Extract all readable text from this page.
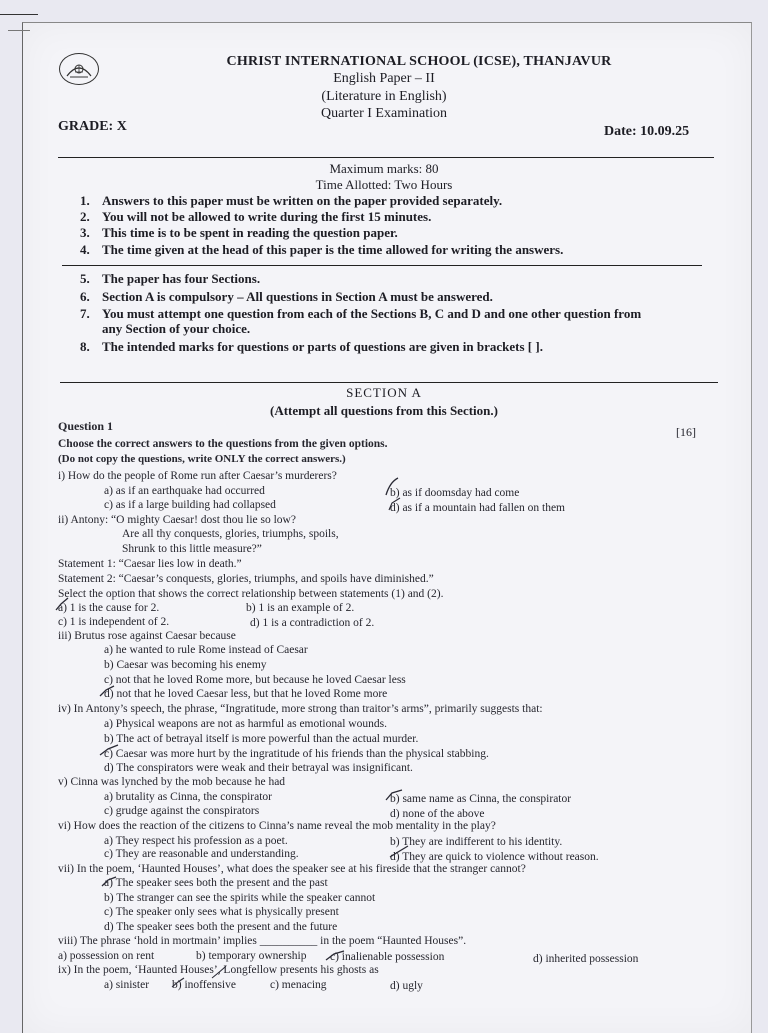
CHRIST INTERNATIONAL SCHOOL (ICSE), THANJAVUR
English Paper – II
(Literature in English)
Quarter I Examination
GRADE: X	Date: 10.09.25
Maximum marks: 80
Time Allotted: Two Hours
1. Answers to this paper must be written on the paper provided separately.
2. You will not be allowed to write during the first 15 minutes.
3. This time is to be spent in reading the question paper.
4. The time given at the head of this paper is the time allowed for writing the answers.
5. The paper has four Sections.
6. Section A is compulsory – All questions in Section A must be answered.
7. You must attempt one question from each of the Sections B, C and D and one other question from
any Section of your choice.
8. The intended marks for questions or parts of questions are given in brackets [ ].
SECTION A
(Attempt all questions from this Section.)
Question 1	[16]
Choose the correct answers to the questions from the given options.
(Do not copy the questions, write ONLY the correct answers.)
i) How do the people of Rome run after Caesar’s murderers?
a) as if an earthquake had occurred	b) as if doomsday had come
c) as if a large building had collapsed	d) as if a mountain had fallen on them
ii) Antony: “O mighty Caesar! dost thou lie so low?
Are all thy conquests, glories, triumphs, spoils,
Shrunk to this little measure?”
Statement 1: “Caesar lies low in death.”
Statement 2: “Caesar’s conquests, glories, triumphs, and spoils have diminished.”
Select the option that shows the correct relationship between statements (1) and (2).
a) 1 is the cause for 2.	b) 1 is an example of 2.
c) 1 is independent of 2.	d) 1 is a contradiction of 2.
iii) Brutus rose against Caesar because
a) he wanted to rule Rome instead of Caesar
b) Caesar was becoming his enemy
c) not that he loved Rome more, but because he loved Caesar less
d) not that he loved Caesar less, but that he loved Rome more
iv) In Antony’s speech, the phrase, “Ingratitude, more strong than traitor’s arms”, primarily suggests that:
a) Physical weapons are not as harmful as emotional wounds.
b) The act of betrayal itself is more powerful than the actual murder.
c) Caesar was more hurt by the ingratitude of his friends than the physical stabbing.
d) The conspirators were weak and their betrayal was insignificant.
v) Cinna was lynched by the mob because he had
a) brutality as Cinna, the conspirator	b) same name as Cinna, the conspirator
c) grudge against the conspirators	d) none of the above
vi) How does the reaction of the citizens to Cinna’s name reveal the mob mentality in the play?
a) They respect his profession as a poet.	b) They are indifferent to his identity.
c) They are reasonable and understanding.	d) They are quick to violence without reason.
vii) In the poem, ‘Haunted Houses’, what does the speaker see at his fireside that the stranger cannot?
a) The speaker sees both the present and the past
b) The stranger can see the spirits while the speaker cannot
c) The speaker only sees what is physically present
d) The speaker sees both the present and the future
viii) The phrase ‘hold in mortmain’ implies __________ in the poem “Haunted Houses”.
a) possession on rent	b) temporary ownership c) inalienable possession	d) inherited possession
ix) In the poem, ‘Haunted Houses’, Longfellow presents his ghosts as
a) sinister b) inoffensive	c) menacing	d) ugly
